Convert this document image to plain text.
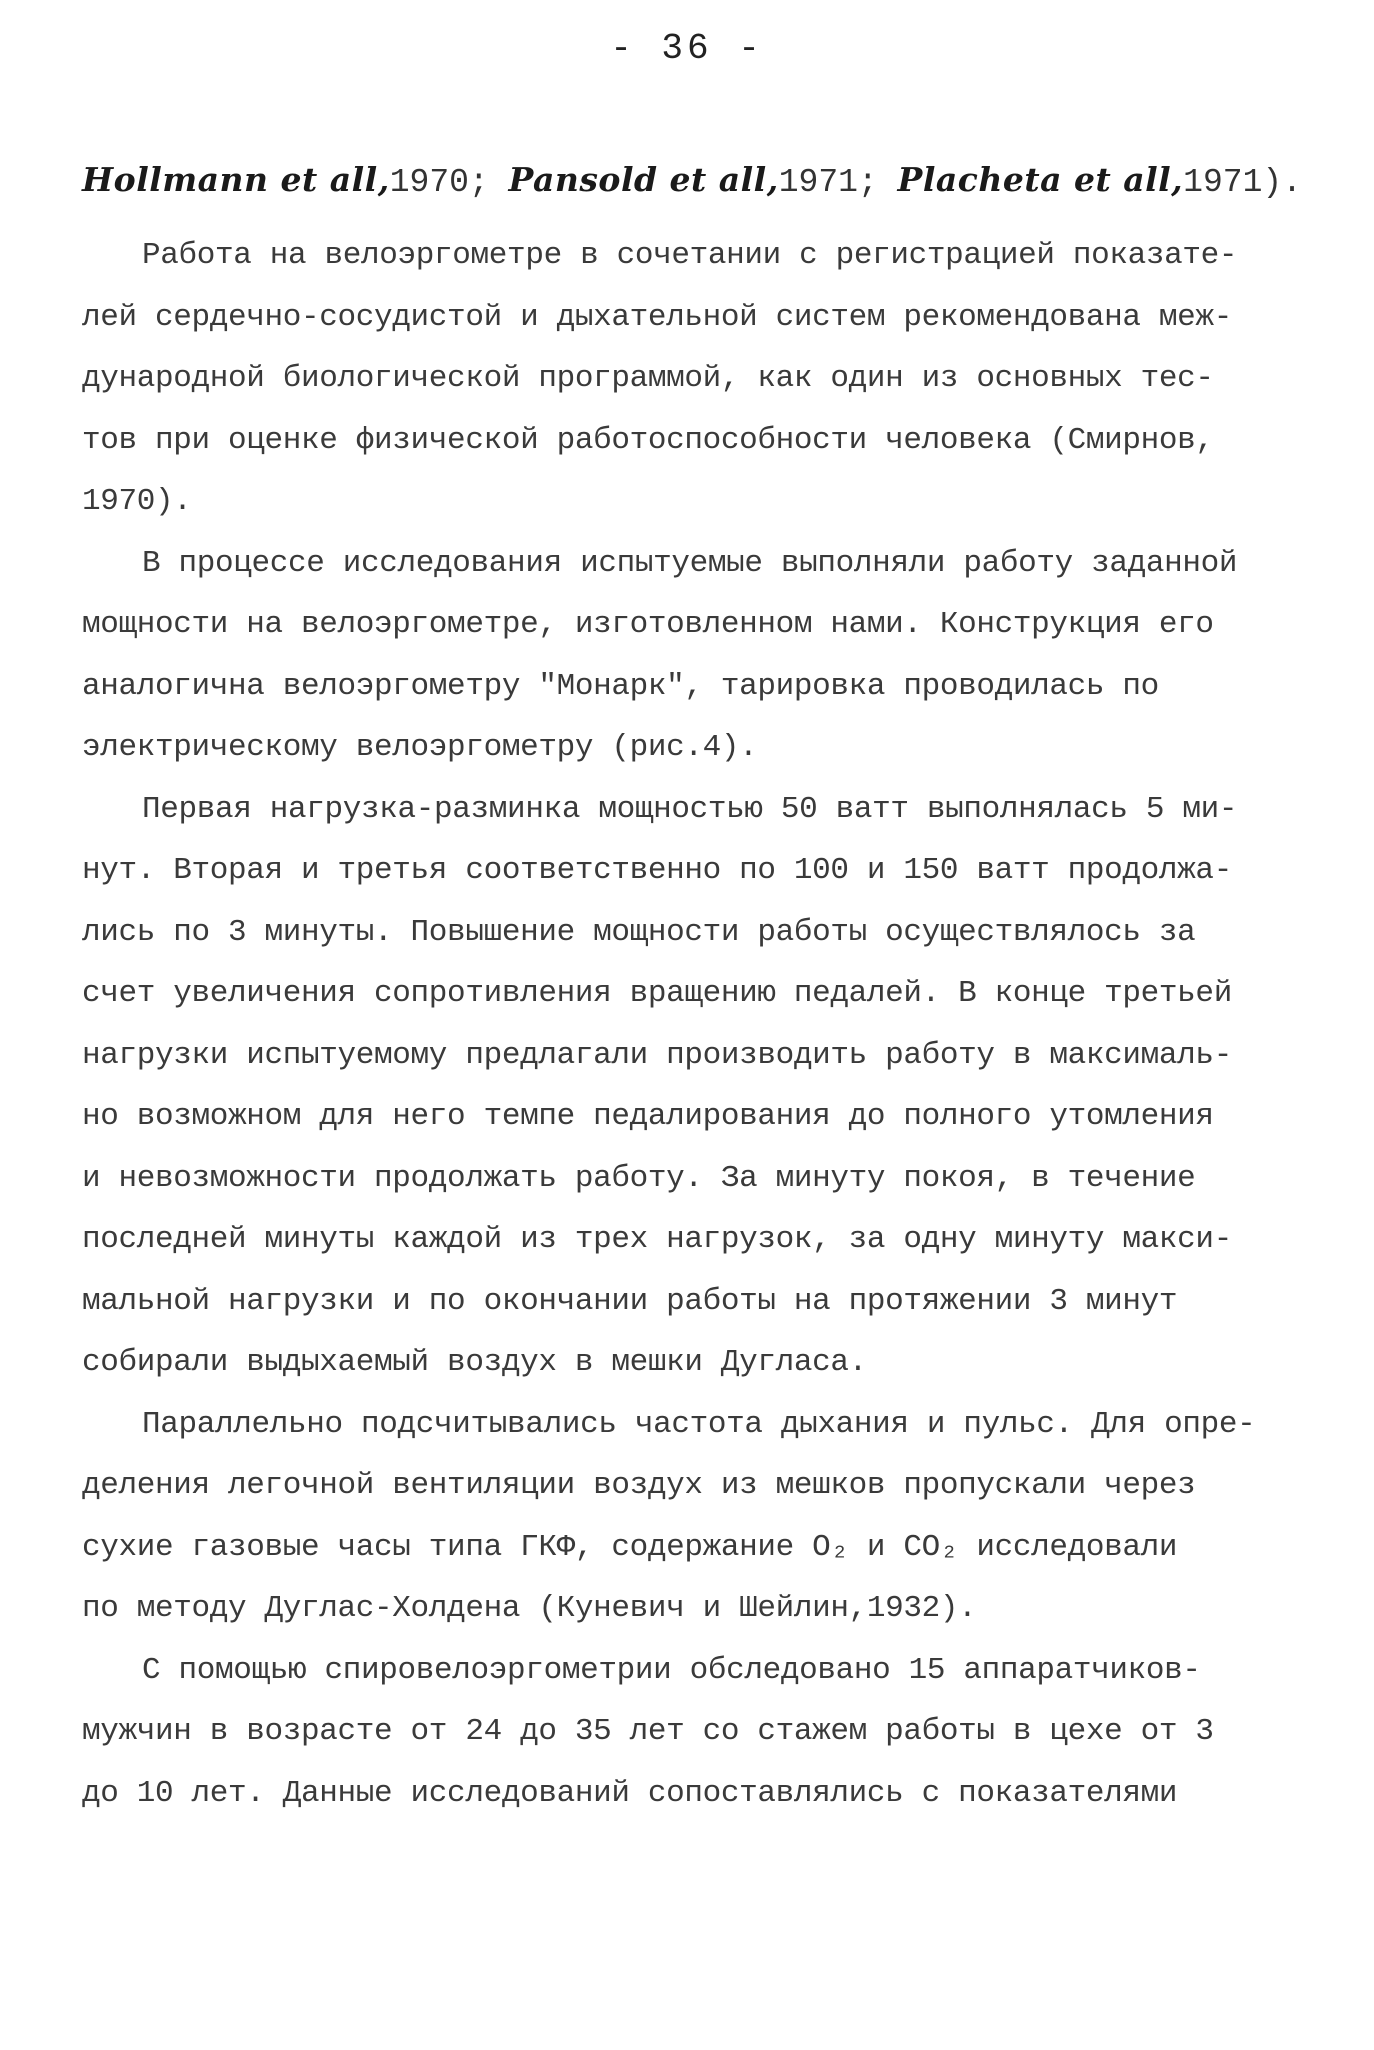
- 36 -
Hollmann et all,1970; Pansold et all,1971; Placheta et all,1971).
Работа на велоэргометре в сочетании с регистрацией показате-
лей сердечно-сосудистой и дыхательной систем рекомендована меж-
дународной биологической программой, как один из основных тес-
тов при оценке физической работоспособности человека (Смирнов,
1970).
В процессе исследования испытуемые выполняли работу заданной
мощности на велоэргометре, изготовленном нами. Конструкция его
аналогична велоэргометру "Монарк", тарировка проводилась по
электрическому велоэргометру (рис.4).
Первая нагрузка-разминка мощностью 50 ватт выполнялась 5 ми-
нут. Вторая и третья соответственно по 100 и 150 ватт продолжа-
лись по 3 минуты. Повышение мощности работы осуществлялось за
счет увеличения сопротивления вращению педалей. В конце третьей
нагрузки испытуемому предлагали производить работу в максималь-
но возможном для него темпе педалирования до полного утомления
и невозможности продолжать работу. За минуту покоя, в течение
последней минуты каждой из трех нагрузок, за одну минуту макси-
мальной нагрузки и по окончании работы на протяжении 3 минут
собирали выдыхаемый воздух в мешки Дугласа.
Параллельно подсчитывались частота дыхания и пульс. Для опре-
деления легочной вентиляции воздух из мешков пропускали через
сухие газовые часы типа ГКФ, содержание O₂ и CO₂ исследовали
по методу Дуглас-Холдена (Куневич и Шейлин,1932).
С помощью спировелоэргометрии обследовано 15 аппаратчиков-
мужчин в возрасте от 24 до 35 лет со стажем работы в цехе от 3
до 10 лет. Данные исследований сопоставлялись с показателями
